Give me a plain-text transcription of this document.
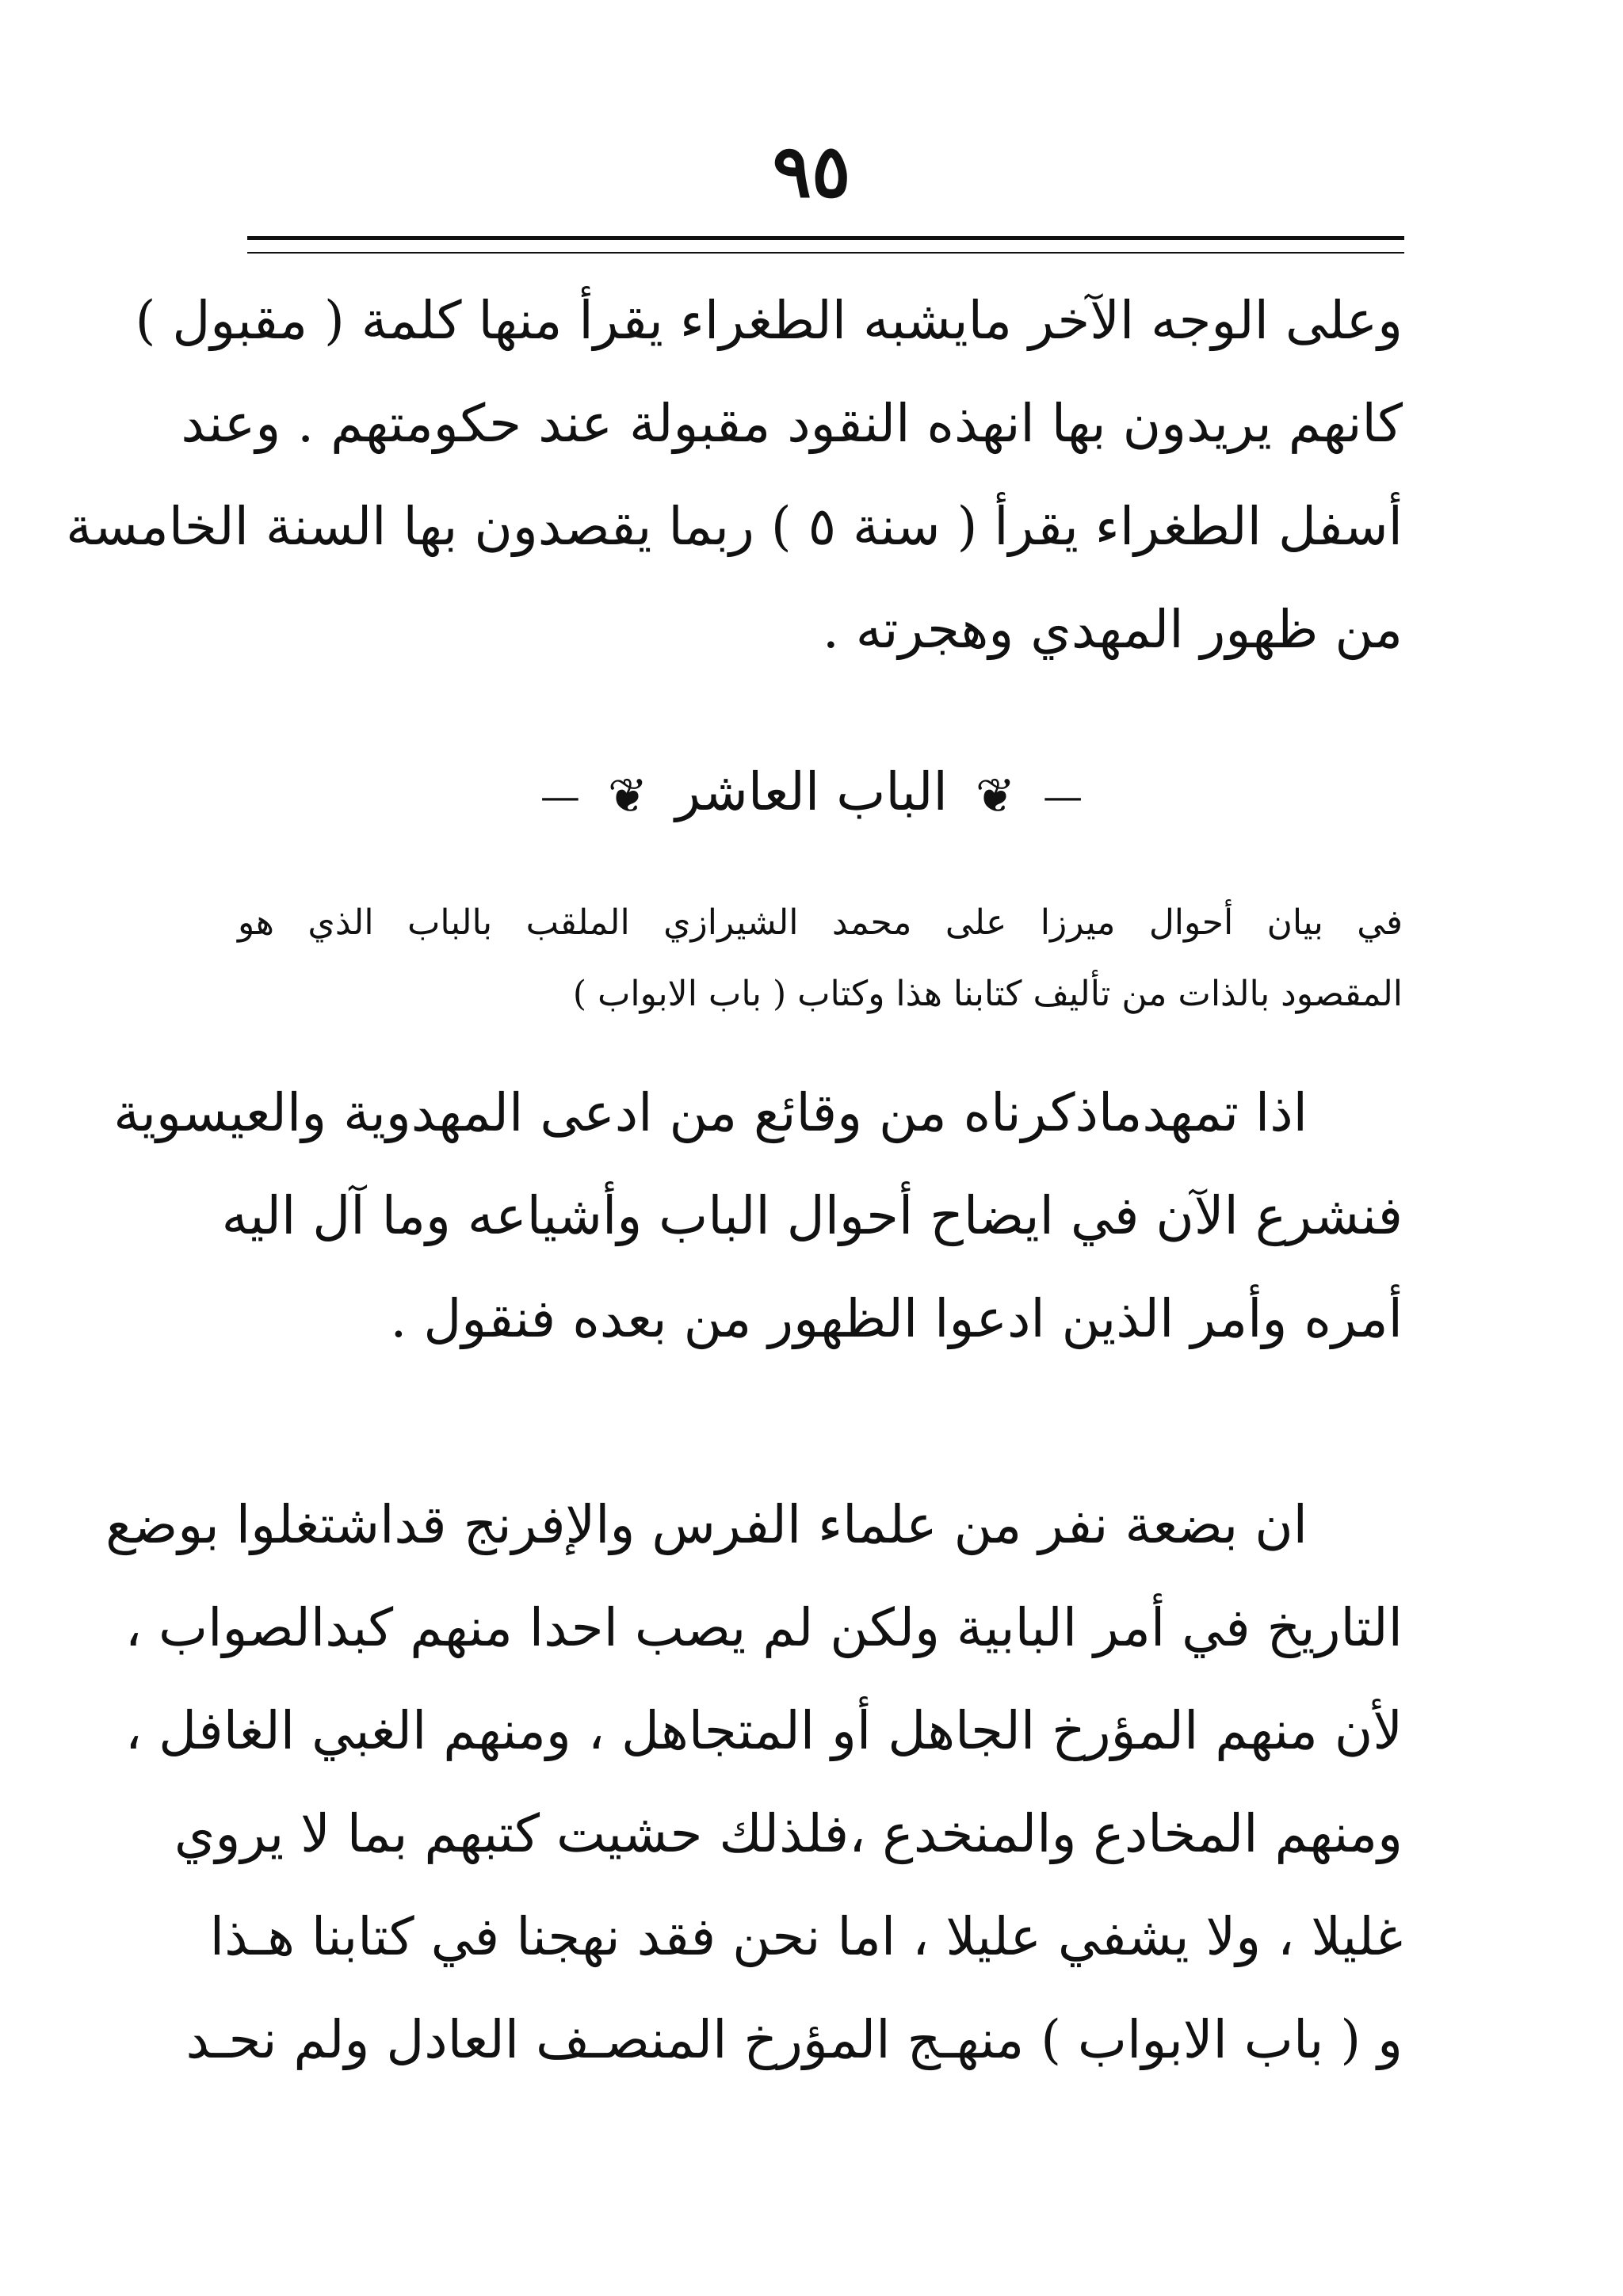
٩٥
وعلى الوجه الآخر مايشبه الطغراء يقرأ منها كلمة ( مقبول )
كانهم يريدون بها انهذه النقود مقبولة عند حكومتهم . وعند
أسفل الطغراء يقرأ ( سنة ٥ ) ربما يقصدون بها السنة الخامسة
من ظهور المهدي وهجرته .
— ❦ الباب العاشر ❦ —
في بيان أحوال ميرزا على محمد الشيرازي الملقب بالباب الذي هو
المقصود بالذات من تأليف كتابنا هذا وكتاب ( باب الابواب )
اذا تمهدماذكرناه من وقائع من ادعى المهدوية والعيسوية
فنشرع الآن في ايضاح أحوال الباب وأشياعه وما آل اليه
أمره وأمر الذين ادعوا الظهور من بعده فنقول .
ان بضعة نفر من علماء الفرس والإفرنج قداشتغلوا بوضع
التاريخ في أمر البابية ولكن لم يصب احدا منهم كبدالصواب ،
لأن منهم المؤرخ الجاهل أو المتجاهل ، ومنهم الغبي الغافل ،
ومنهم المخادع والمنخدع ،فلذلك حشيت كتبهم بما لا يروي
غليلا ، ولا يشفي عليلا ، اما نحن فقد نهجنا في كتابنا هـذا
و ( باب الابواب ) منهـج المؤرخ المنصـف العادل ولم نحـد
